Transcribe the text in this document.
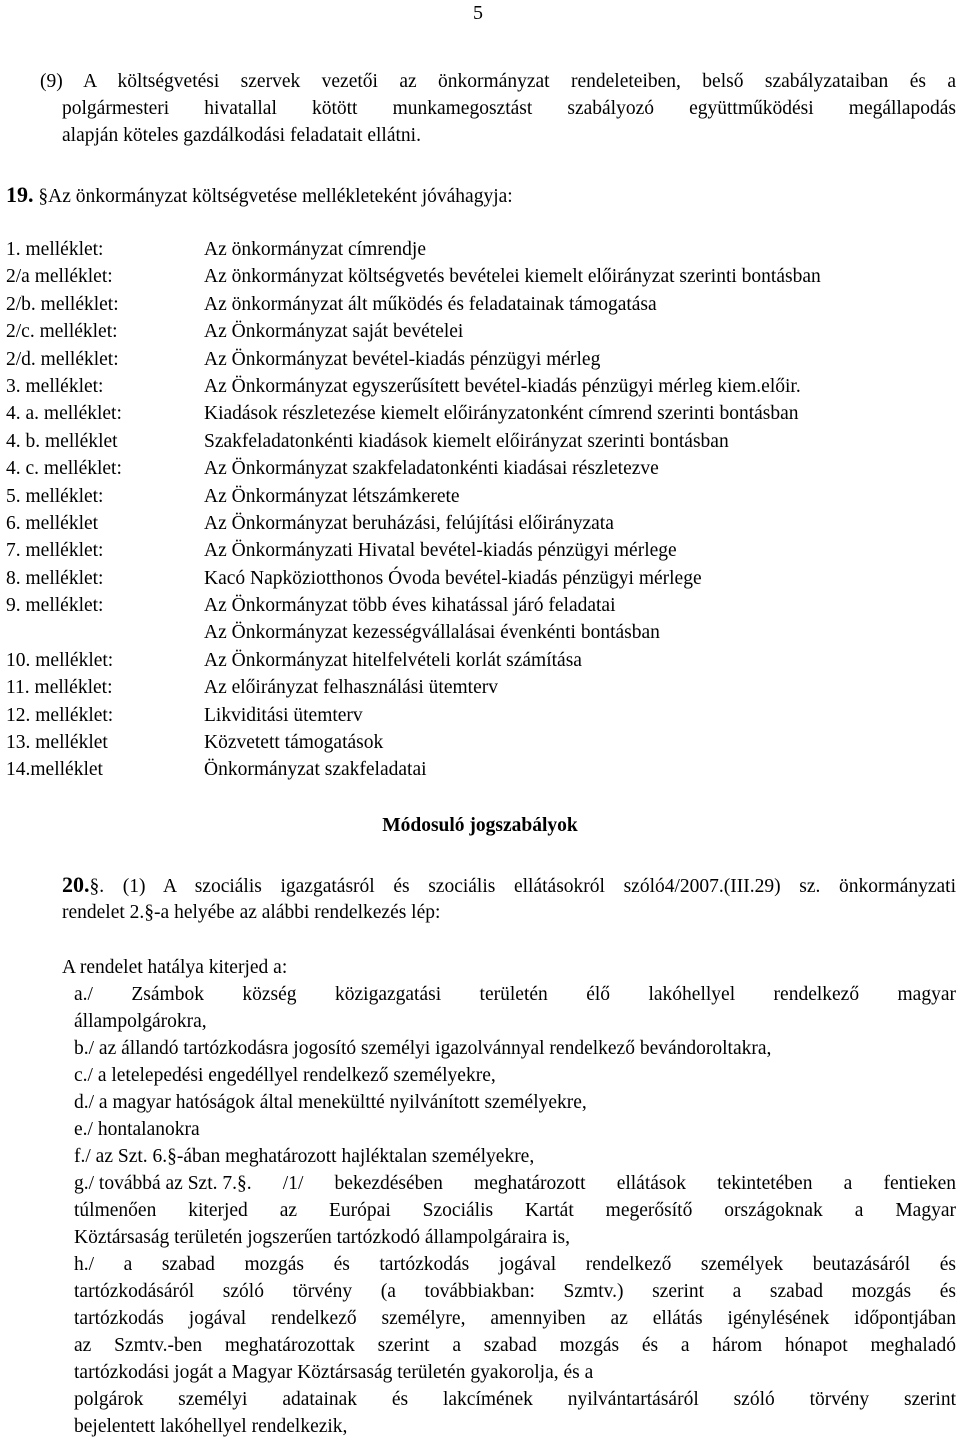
5
(9) A költségvetési szervek vezetői az önkormányzat rendeleteiben, belső szabályzataiban és a
polgármesteri hivatallal kötött munkamegosztást szabályozó együttműködési megállapodás
alapján köteles gazdálkodási feladatait ellátni.
19. §Az önkormányzat költségvetése mellékleteként jóváhagyja:
1. melléklet:	Az önkormányzat címrendje
2/a melléklet:	Az önkormányzat költségvetés bevételei kiemelt előirányzat szerinti bontásban
2/b. melléklet:	Az önkormányzat ált működés és feladatainak támogatása
2/c. melléklet:	Az Önkormányzat saját bevételei
2/d. melléklet:	Az Önkormányzat bevétel-kiadás pénzügyi mérleg
3. melléklet:	Az Önkormányzat egyszerűsített bevétel-kiadás pénzügyi mérleg kiem.előir.
4. a. melléklet:	Kiadások részletezése kiemelt előirányzatonként címrend szerinti bontásban
4. b. melléklet	Szakfeladatonkénti kiadások kiemelt előirányzat szerinti bontásban
4. c. melléklet:	Az Önkormányzat szakfeladatonkénti kiadásai részletezve
5. melléklet:	Az Önkormányzat létszámkerete
6. melléklet	Az Önkormányzat beruházási, felújítási előirányzata
7. melléklet:	Az Önkormányzati Hivatal bevétel-kiadás pénzügyi mérlege
8. melléklet:	Kacó Napköziotthonos Óvoda bevétel-kiadás pénzügyi mérlege
9. melléklet:	Az Önkormányzat több éves kihatással járó feladatai
Az Önkormányzat kezességvállalásai évenkénti bontásban
10. melléklet:	Az Önkormányzat hitelfelvételi korlát számítása
11. melléklet:	Az előirányzat felhasználási ütemterv
12. melléklet:	Likviditási ütemterv
13. melléklet	Közvetett támogatások
14.melléklet	Önkormányzat szakfeladatai
Módosuló jogszabályok
20. § . (1) A szociális igazgatásról és szociális ellátásokról szóló4/2007.(III.29) sz. önkormányzati
rendelet 2.§-a helyébe az alábbi rendelkezés lép:
A rendelet hatálya kiterjed a:
a./ Zsámbok község közigazgatási területén élő lakóhellyel rendelkező magyar
állampolgárokra,
b./ az állandó tartózkodásra jogosító személyi igazolvánnyal rendelkező bevándoroltakra,
c./ a letelepedési engedéllyel rendelkező személyekre,
d./ a magyar hatóságok által menekültté nyilvánított személyekre,
e./ hontalanokra
f./ az Szt. 6.§-ában meghatározott hajléktalan személyekre,
g./ továbbá az Szt. 7. § . /1/ bekezdésében meghatározott ellátások tekintetében a fentieken
túlmenően kiterjed az Európai Szociális Kartát megerősítő országoknak a Magyar
Köztársaság területén jogszerűen tartózkodó állampolgáraira is,
h./ a szabad mozgás és tartózkodás jogával rendelkező személyek beutazásáról és
tartózkodásáról szóló törvény (a továbbiakban: Szmtv.) szerint a szabad mozgás és
tartózkodás jogával rendelkező személyre, amennyiben az ellátás igénylésének időpontjában
az Szmtv.-ben meghatározottak szerint a szabad mozgás és a három hónapot meghaladó
tartózkodási jogát a Magyar Köztársaság területén gyakorolja, és a
polgárok személyi adatainak és lakcímének nyilvántartásáról szóló törvény szerint
bejelentett lakóhellyel rendelkezik,
